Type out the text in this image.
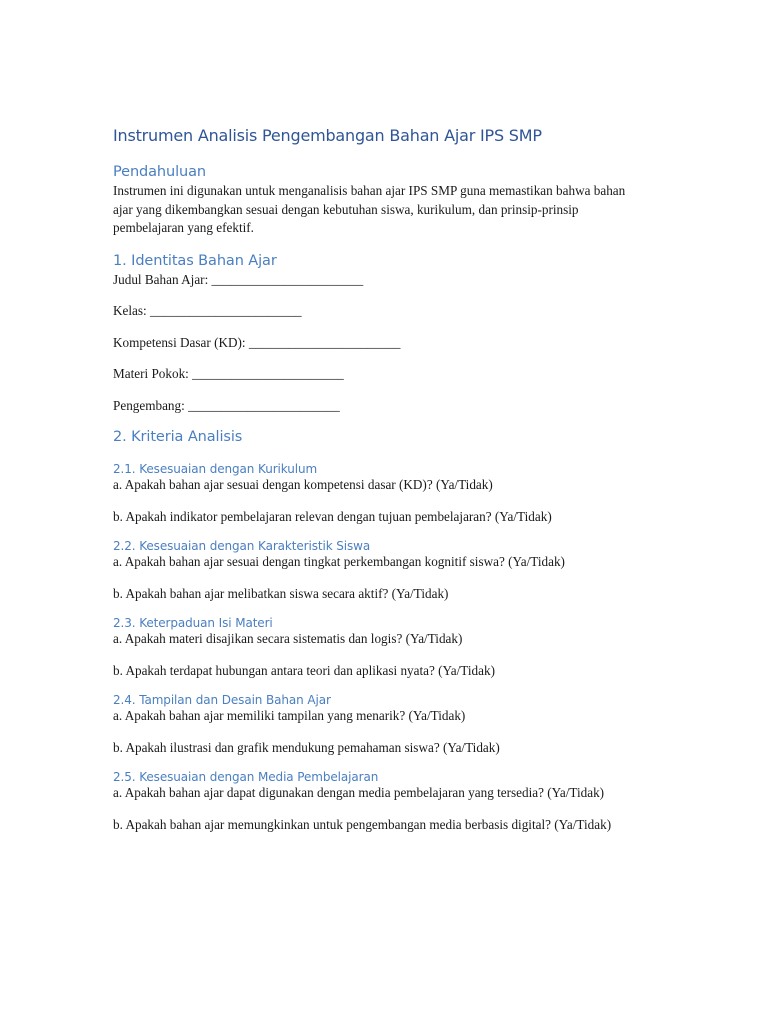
Instrumen Analisis Pengembangan Bahan Ajar IPS SMP
Pendahuluan

Instrumen ini digunakan untuk menganalisis bahan ajar IPS SMP guna memastikan bahwa bahan ajar yang dikembangkan sesuai dengan kebutuhan siswa, kurikulum, dan prinsip-prinsip pembelajaran yang efektif.

1. Identitas Bahan Ajar

Judul Bahan Ajar: _______________________

Kelas: _______________________

Kompetensi Dasar (KD): _______________________

Materi Pokok: _______________________

Pengembang: _______________________

2. Kriteria Analisis
2.1. Kesesuaian dengan Kurikulum

a. Apakah bahan ajar sesuai dengan kompetensi dasar (KD)? (Ya/Tidak)

b. Apakah indikator pembelajaran relevan dengan tujuan pembelajaran? (Ya/Tidak)

2.2. Kesesuaian dengan Karakteristik Siswa

a. Apakah bahan ajar sesuai dengan tingkat perkembangan kognitif siswa? (Ya/Tidak)

b. Apakah bahan ajar melibatkan siswa secara aktif? (Ya/Tidak)

2.3. Keterpaduan Isi Materi

a. Apakah materi disajikan secara sistematis dan logis? (Ya/Tidak)

b. Apakah terdapat hubungan antara teori dan aplikasi nyata? (Ya/Tidak)

2.4. Tampilan dan Desain Bahan Ajar

a. Apakah bahan ajar memiliki tampilan yang menarik? (Ya/Tidak)

b. Apakah ilustrasi dan grafik mendukung pemahaman siswa? (Ya/Tidak)

2.5. Kesesuaian dengan Media Pembelajaran

a. Apakah bahan ajar dapat digunakan dengan media pembelajaran yang tersedia? (Ya/Tidak)

b. Apakah bahan ajar memungkinkan untuk pengembangan media berbasis digital? (Ya/Tidak)
